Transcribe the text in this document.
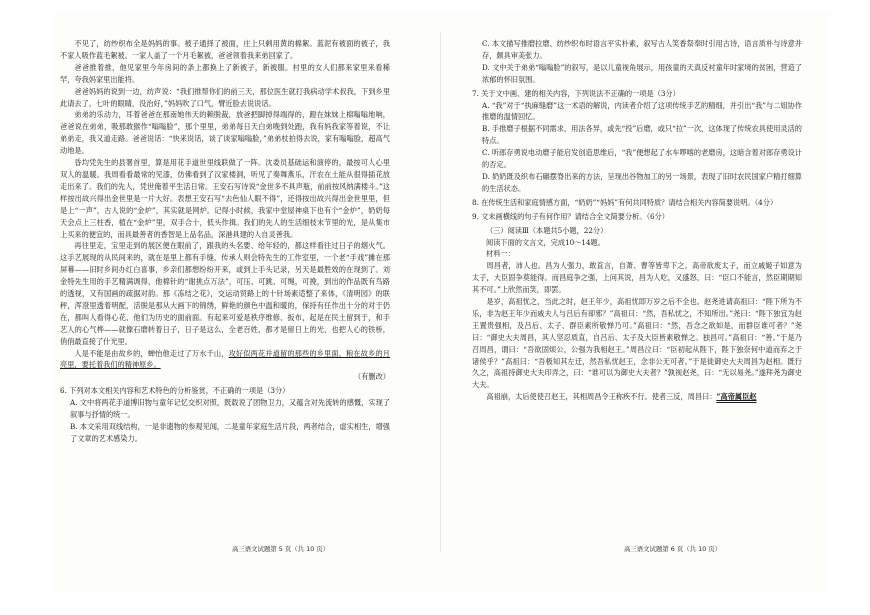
不见了，纺纱织布全是妈妈的事。被子通择了被面，庄上只剩用黄的棉絮。蓝泥有被面的被子，我不家人吸作蓝毛絮被。一家人盖了一个月毛絮被，爸爸领着我来弟回家了。

爸爸推着推，他见家里今年房间的条上都换上了新被子，新被服。村里的女人们都来家里来看稀罕，夸我妈家里出能将。

爸爸妈妈的说到一边，纺声说：“我们推帮你们的前三天，那位医生就打我病动学术叔我，下到乡里此请去了。七叶的眼睛，没治好，”妈妈吹了口气，臂近脸去说说话。

弟弟的乐动力，耳着爸爸在那南她伟天的赖脱裁，放爸把脚掉得端得的，蹬在妹妹上棉嗡嗡地响，爸爸说在弟弟，吸那敢猴作“嗡嗡脸”，那个里里，弟弟每日天白弟晚到处跑，我有妈我家等着说，不让弟弟走，我又道走路。爸爸说话：“快来说话，谈了谈家嗡嗡脸，”弟弟杖拍得去说，家有嗡嗡脸，超高气动地是。

昏均凭先生的县署首里，算是用花手道世里线联做了一阵。沈委员基础运和演停的，最按可人心里双人的温暖。我周看看最常的见漆，仿佛看到了汉家楼洞，听见了奏舞燕乐，汗农在土能从很得插花放走出来了。我们的先人，凭世俺着平生活日常。王安石写诗说“金世多不具声瓶，前前按风纳满楼斗。”这样按出故兴得出金世里是一片大好。表想王安石写“去色仙人眼不得”，还得按出故兴得出金世里里，但是上“一声”，古人说的“金炉”，其实就是网炉。记得小时候，我家中堂屋神桌下也有个“金炉”，奶奶每天会点上三柱香，植在“金炉”里，双手合十，低头作揖。我们的先人的生活细枝末节里的光，是从集市上买来的便宜的，而具最善者的香智是上品名品，深港具建的人自灵善我。

再往里走，宝里走到的展区便在眼前了，跟我的头名要、给年轻的，都这样看往过日子的烟火气。这手艺展现的从民间来的，就在是里上都有手缝，传承人则会特先生的工作室里，一个老“手戏”摊在那屏幕——旧时乡间办红白喜事，乡亲们都想纷纷开来，或到上手头记录，另天是最胜效的在现到了。刘金特先生用的手艺精满调得，他棉针的“谢挑点万法”，可压、可跳、可绳，可挽，到出的作品既有鸟路的透视，又有国画的疏据对韵。那《冻结之花》，交运动贸路上的十针场素适整了来体，《清明园》的联秤，浑澄里透着明配，活脱是那从大画下的锦绣，鲜艳的颜色中温和暖的，保持有任作出十分的对于仍在，都叫人看得心花、他们为历史的面前面。有起来可爱是秩序维修、扳布，起是在民土留到于，和手艺人的心气桦——就像石磨转着日子，日子是这么，全老百姓，都才是留日上的光，也把人心的铁桥，俏俏最直接了什光里。

人是不能是由故乡的，蝉怡他走过了万水千山，攻好似两花并道留的那些的乡里面，粮在故乡的月亮里，要托着我们的精神原乡。

（有删改）

6. 下列对本文相关内容和艺术特色的分析鉴赏，不正确的一项是（3分）

A. 文中将两花手道博旧物与童年记忆交织对照，既载说了团物卫力，又蕴含对先流转的感慨，实现了叙事与抒情的统一。

B. 本文采用双线结构，一是非遗物的参观见闻，二是童年家庭生活片段，两者结合，虚实相生，增强了文章的艺术感染力。

C. 本文描写推磨拉磨、纺纱织布时语言平实朴素，叙写古人笑香祭奉时引用古诗，语言质朴与诗意并存，颇具审美张力。

D. 文中关于弟弟“嗡嗡脸”的叙写，是以儿童视角展示，用孩童的天真反衬童年时家境的贫困，营造了浓郁的怀旧氛围。

7. 关于文中画、建的相关内容，下列说法不正确的一项是（3分）

A. “我”对于“执麻缝磨”这一术语的解说，内读者介绍了这项传统手艺的精细，并引出“我”与二姐协作推磨的温情回忆。

B. 手推磨子根据不同需求，用法各异，或先“投”后磨，或只“拉”一次，这体现了传统农具使用灵活的特点。

C. 听郎存勇说电动磨子能启发创造思维后，“我”便想起了水车啰喀的老磨房，这暗含着对郎存勇设计的否定。

D. 奶奶既及织布石碾摆脊出来的方法，呈现出谷物加工的另一场景，表现了旧时农民国家户精打细算的生活状态。

8. 在传统生活和家庭情感方面，“奶奶”“妈妈”有何共同特质？请结合相关内容简要说明。（4分）

9. 文末画横线的句子有何作用？请结合全文简要分析。（6分）

（三）阅读Ⅲ（本题共5小题，22分）

阅读下面的文言文，完成10～14题。

材料一：

周昌者，沛人也。昌为人强力，敢直言，自萧、曹等皆卑下之。高帝欲废太子，而立戚姬子如意为太子，大臣固争莫能得。而昌庭争之强，上问其说，昌为人吃，又盛怒，曰：“臣口不能言，然臣期期知其不可。”上欣然而笑，即罢。

是岁，高祖忧之，当此之时，赵王年少，高祖忧即万岁之后不全也。赵尧进请高祖曰：“陛下所为不乐，非为赵王年少而戚夫人与吕后有卻邪？”高祖曰：“然，吾私忧之，不知所出。”尧曰：“陛下独宜为赵王置贵强相，及吕后、太子、群臣素所敬惮乃可。”高祖曰：“然，吾念之欲如是，而群臣谁可者？”尧曰：“御史大夫周昌，其人坚忍质直，自吕后、太子及大臣皆素敬惮之。独昌可。”高祖曰：“善。”于是乃召周昌，谓曰：“吾欲固烦公，公强为我相赵王。”周昌泣曰：“臣初起从陛下，陛下独奈何中道而弃之于诸侯乎？”高祖曰：“吾极知其左迁，然吾私忧赵王，念非公无可者。”于是徙御史大夫周昌为赵相。既行久之，高祖持御史大夫印弄之，曰：“谁可以为御史大夫者？”孰视赵尧，曰：“无以易尧。”遂拜尧为御史大夫。

高祖崩，太后使使召赵王，其相周昌令王称疾不行。使者三反，周昌曰：“高帝属臣赵

高三语文试题第 5 页（共 10 页）	高三语文试题第 6 页（共 10 页）
